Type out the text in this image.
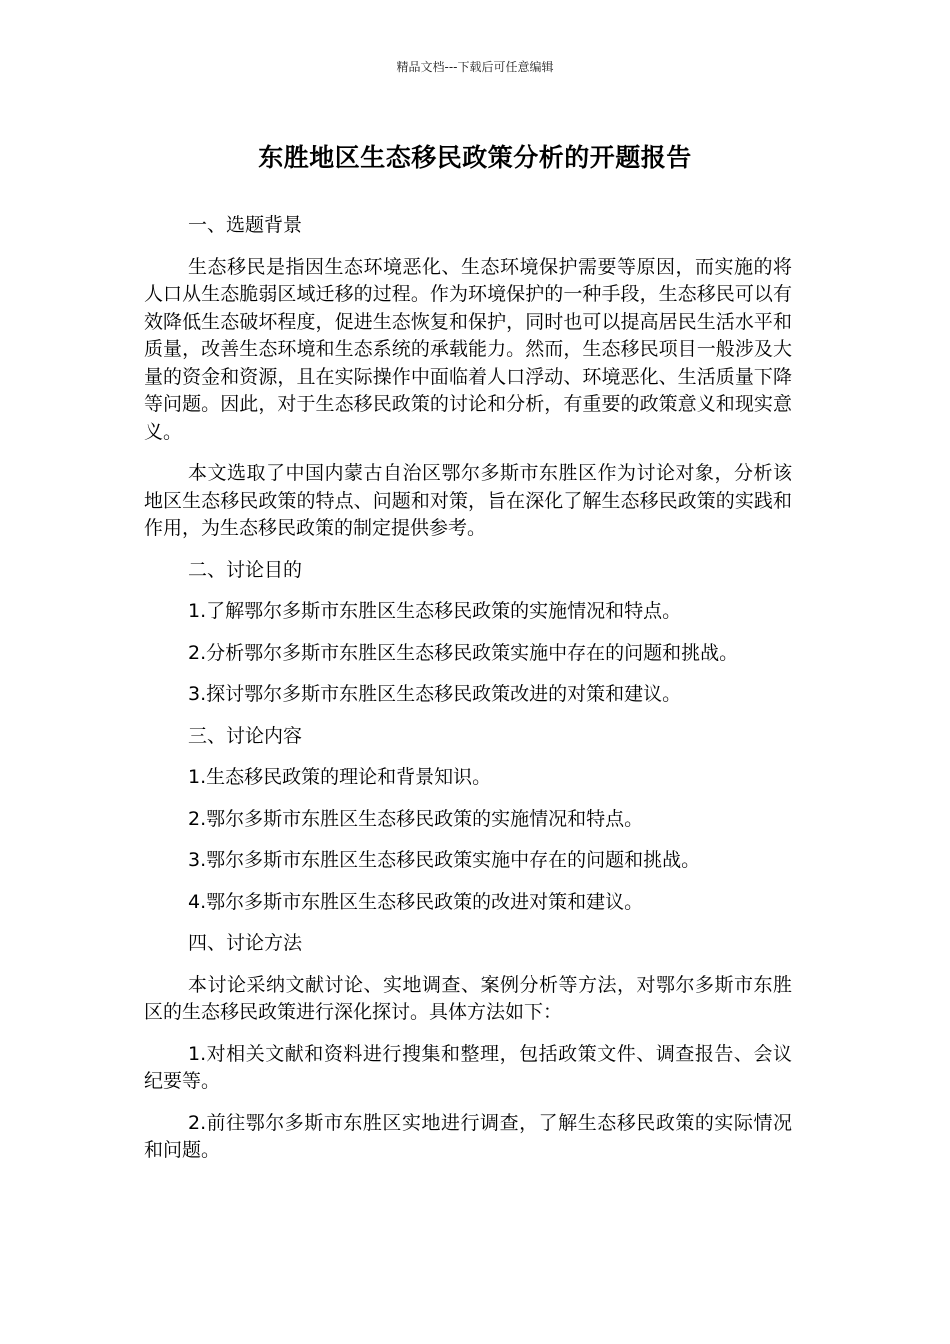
精品文档---下载后可任意编辑
东胜地区生态移民政策分析的开题报告

一、选题背景

生态移民是指因生态环境恶化、生态环境保护需要等原因，而实施的将人口从生态脆弱区域迁移的过程。作为环境保护的一种手段，生态移民可以有效降低生态破坏程度，促进生态恢复和保护，同时也可以提高居民生活水平和质量，改善生态环境和生态系统的承载能力。然而，生态移民项目一般涉及大量的资金和资源，且在实际操作中面临着人口浮动、环境恶化、生活质量下降等问题。因此，对于生态移民政策的讨论和分析，有重要的政策意义和现实意义。

本文选取了中国内蒙古自治区鄂尔多斯市东胜区作为讨论对象，分析该地区生态移民政策的特点、问题和对策，旨在深化了解生态移民政策的实践和作用，为生态移民政策的制定提供参考。

二、讨论目的

1.了解鄂尔多斯市东胜区生态移民政策的实施情况和特点。

2.分析鄂尔多斯市东胜区生态移民政策实施中存在的问题和挑战。

3.探讨鄂尔多斯市东胜区生态移民政策改进的对策和建议。

三、讨论内容

1.生态移民政策的理论和背景知识。

2.鄂尔多斯市东胜区生态移民政策的实施情况和特点。

3.鄂尔多斯市东胜区生态移民政策实施中存在的问题和挑战。

4.鄂尔多斯市东胜区生态移民政策的改进对策和建议。

四、讨论方法

本讨论采纳文献讨论、实地调查、案例分析等方法，对鄂尔多斯市东胜区的生态移民政策进行深化探讨。具体方法如下：

1.对相关文献和资料进行搜集和整理，包括政策文件、调查报告、会议纪要等。

2.前往鄂尔多斯市东胜区实地进行调查，了解生态移民政策的实际情况和问题。
